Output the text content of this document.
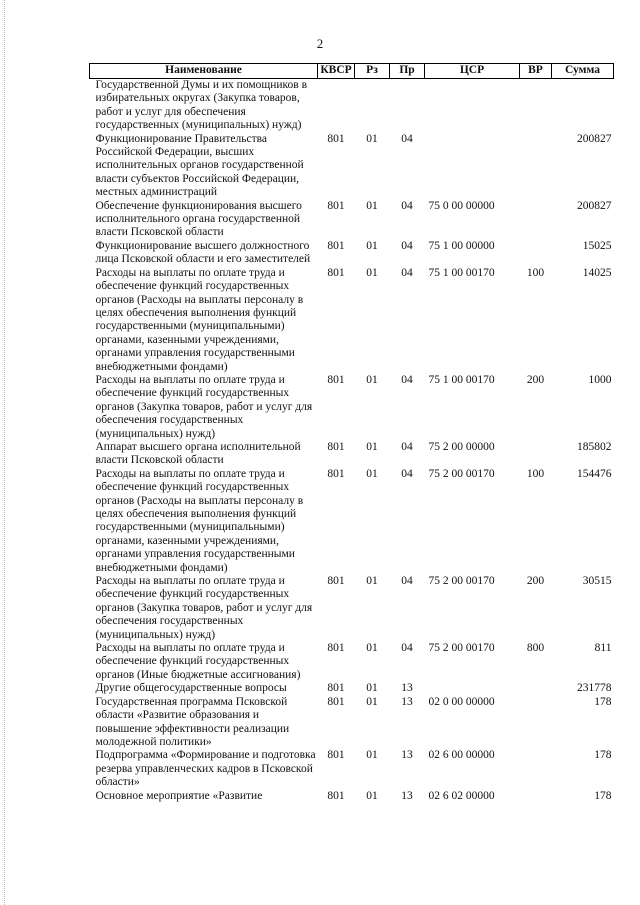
2
Наименование	КВСР	Рз	Пр	ЦСР	ВР	Сумма
Государственной Думы и их помощников в избирательных округах (Закупка товаров, работ и услуг для обеспечения государственных (муниципальных) нужд)						
Функционирование Правительства Российской Федерации, высших исполнительных органов государственной власти субъектов Российской Федерации, местных администраций	801	01	04			200827
Обеспечение функционирования высшего исполнительного органа государственной власти Псковской области	801	01	04	75 0 00 00000		200827
Функционирование высшего должностного лица Псковской области и его заместителей	801	01	04	75 1 00 00000		15025
Расходы на выплаты по оплате труда и обеспечение функций государственных органов (Расходы на выплаты персоналу в целях обеспечения выполнения функций государственными (муниципальными) органами, казенными учреждениями, органами управления государственными внебюджетными фондами)	801	01	04	75 1 00 00170	100	14025
Расходы на выплаты по оплате труда и обеспечение функций государственных органов (Закупка товаров, работ и услуг для обеспечения государственных (муниципальных) нужд)	801	01	04	75 1 00 00170	200	1000
Аппарат высшего органа исполнительной власти Псковской области	801	01	04	75 2 00 00000		185802
Расходы на выплаты по оплате труда и обеспечение функций государственных органов (Расходы на выплаты персоналу в целях обеспечения выполнения функций государственными (муниципальными) органами, казенными учреждениями, органами управления государственными внебюджетными фондами)	801	01	04	75 2 00 00170	100	154476
Расходы на выплаты по оплате труда и обеспечение функций государственных органов (Закупка товаров, работ и услуг для обеспечения государственных (муниципальных) нужд)	801	01	04	75 2 00 00170	200	30515
Расходы на выплаты по оплате труда и обеспечение функций государственных органов (Иные бюджетные ассигнования)	801	01	04	75 2 00 00170	800	811
Другие общегосударственные вопросы	801	01	13			231778
Государственная программа Псковской области «Развитие образования и повышение эффективности реализации молодежной политики»	801	01	13	02 0 00 00000		178
Подпрограмма «Формирование и подготовка резерва управленческих кадров в Псковской области»	801	01	13	02 6 00 00000		178
Основное мероприятие «Развитие	801	01	13	02 6 02 00000		178
